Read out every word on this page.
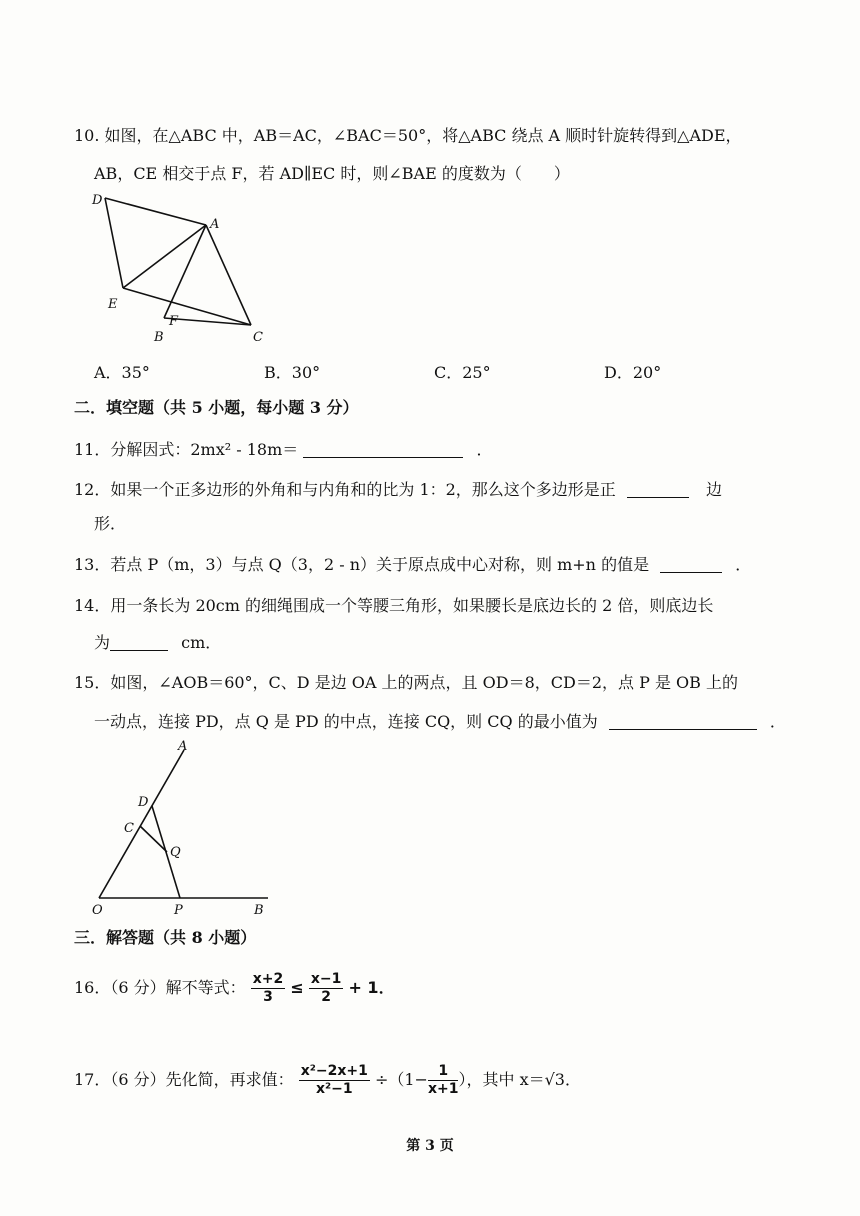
10. 如图，在△ABC 中，AB＝AC，∠BAC＝50°，将△ABC 绕点 A 顺时针旋转得到△ADE，
AB，CE 相交于点 F，若 AD∥EC 时，则∠BAE 的度数为（　　）
D
A
E
F
B	C
A．35°	B．30°	C．25°	D．20°
二．填空题（共 5 小题，每小题 3 分）
11．分解因式：2mx² - 18m＝	．
12．如果一个正多边形的外角和与内角和的比为 1：2，那么这个多边形是正	边
形．
13．若点 P（m，3）与点 Q（3，2 - n）关于原点成中心对称，则 m+n 的值是	．
14．用一条长为 20cm 的细绳围成一个等腰三角形，如果腰长是底边长的 2 倍，则底边长
为	cm．
15．如图，∠AOB＝60°，C、D 是边 OA 上的两点，且 OD＝8，CD＝2，点 P 是 OB 上的
一动点，连接 PD，点 Q 是 PD 的中点，连接 CQ，则 CQ 的最小值为	．
A
D
C
Q
O	P	B
三．解答题（共 8 小题）
16．（6 分）解不等式： $\frac{x+2}{3} \le \frac{x-1}{2} + 1$．
17．（6 分）先化简，再求值： $\frac{\text{x²−2x+1}}{\text{x²−1}} \div(1- \frac{1}{x+1}$ ），其中 x＝√3．
第 3 页
